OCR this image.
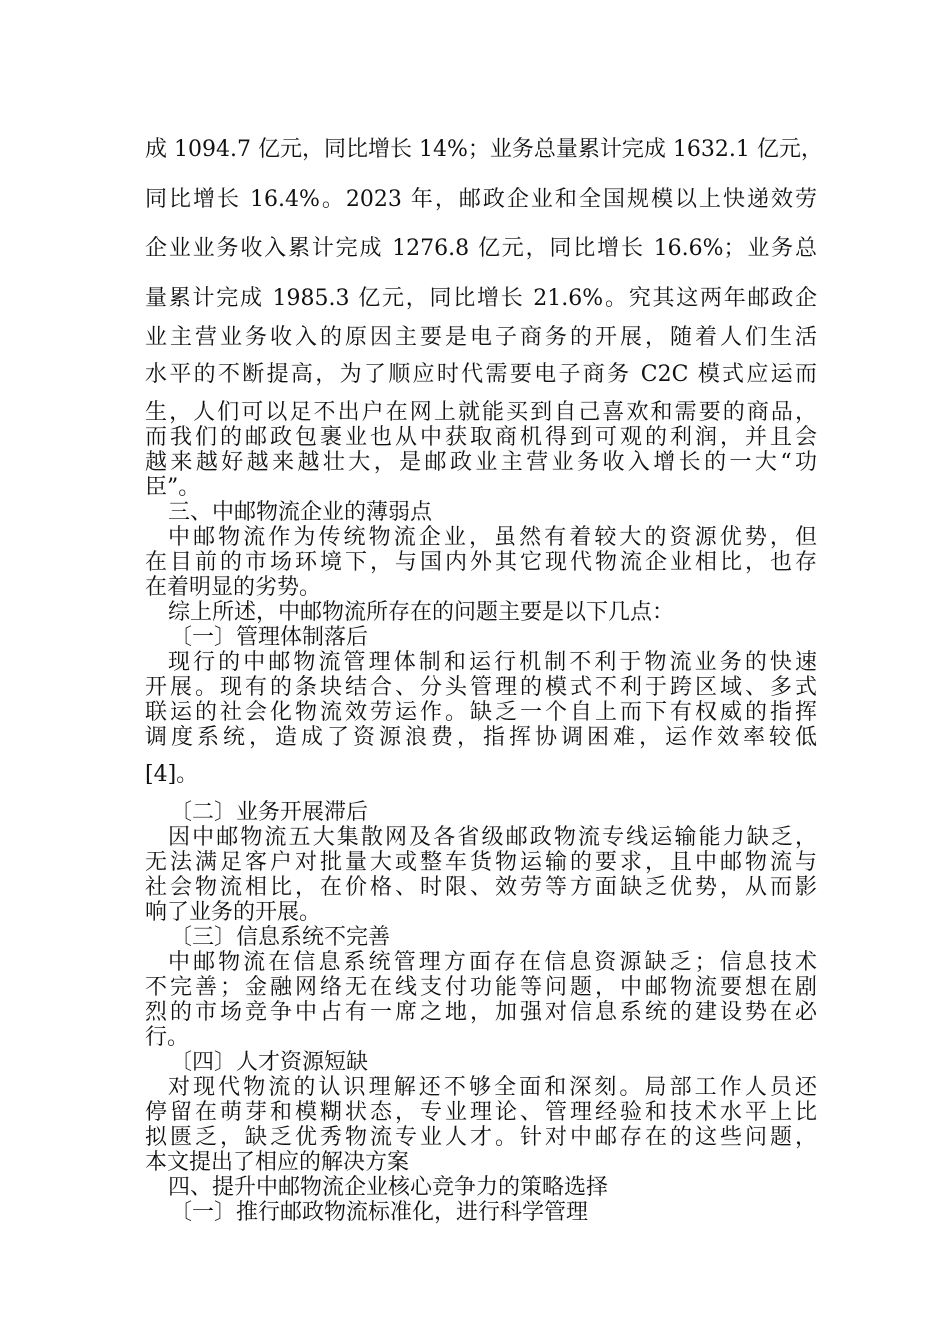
成 1094.7 亿元，同比增长 14%；业务总量累计完成 1632.1 亿元，
同比增长 16.4%。2023 年，邮政企业和全国规模以上快递效劳
企业业务收入累计完成 1276.8 亿元，同比增长 16.6%；业务总
量累计完成 1985.3 亿元，同比增长 21.6%。究其这两年邮政企
业主营业务收入的原因主要是电子商务的开展，随着人们生活
水平的不断提高，为了顺应时代需要电子商务 C2C 模式应运而
生，人们可以足不出户在网上就能买到自己喜欢和需要的商品，
而我们的邮政包裹业也从中获取商机得到可观的利润，并且会
越来越好越来越壮大，是邮政业主营业务收入增长的一大“功
臣”。
三、中邮物流企业的薄弱点
中邮物流作为传统物流企业，虽然有着较大的资源优势，但
在目前的市场环境下，与国内外其它现代物流企业相比，也存
在着明显的劣势。
综上所述，中邮物流所存在的问题主要是以下几点：
〔一〕管理体制落后
现行的中邮物流管理体制和运行机制不利于物流业务的快速
开展。现有的条块结合、分头管理的模式不利于跨区域、多式
联运的社会化物流效劳运作。缺乏一个自上而下有权威的指挥
调度系统，造成了资源浪费，指挥协调困难，运作效率较低
[4]。
〔二〕业务开展滞后
因中邮物流五大集散网及各省级邮政物流专线运输能力缺乏，
无法满足客户对批量大或整车货物运输的要求，且中邮物流与
社会物流相比，在价格、时限、效劳等方面缺乏优势，从而影
响了业务的开展。
〔三〕信息系统不完善
中邮物流在信息系统管理方面存在信息资源缺乏；信息技术
不完善；金融网络无在线支付功能等问题，中邮物流要想在剧
烈的市场竞争中占有一席之地，加强对信息系统的建设势在必
行。
〔四〕人才资源短缺
对现代物流的认识理解还不够全面和深刻。局部工作人员还
停留在萌芽和模糊状态，专业理论、管理经验和技术水平上比
拟匮乏，缺乏优秀物流专业人才。针对中邮存在的这些问题，
本文提出了相应的解决方案
四、提升中邮物流企业核心竞争力的策略选择
〔一〕推行邮政物流标准化，进行科学管理
